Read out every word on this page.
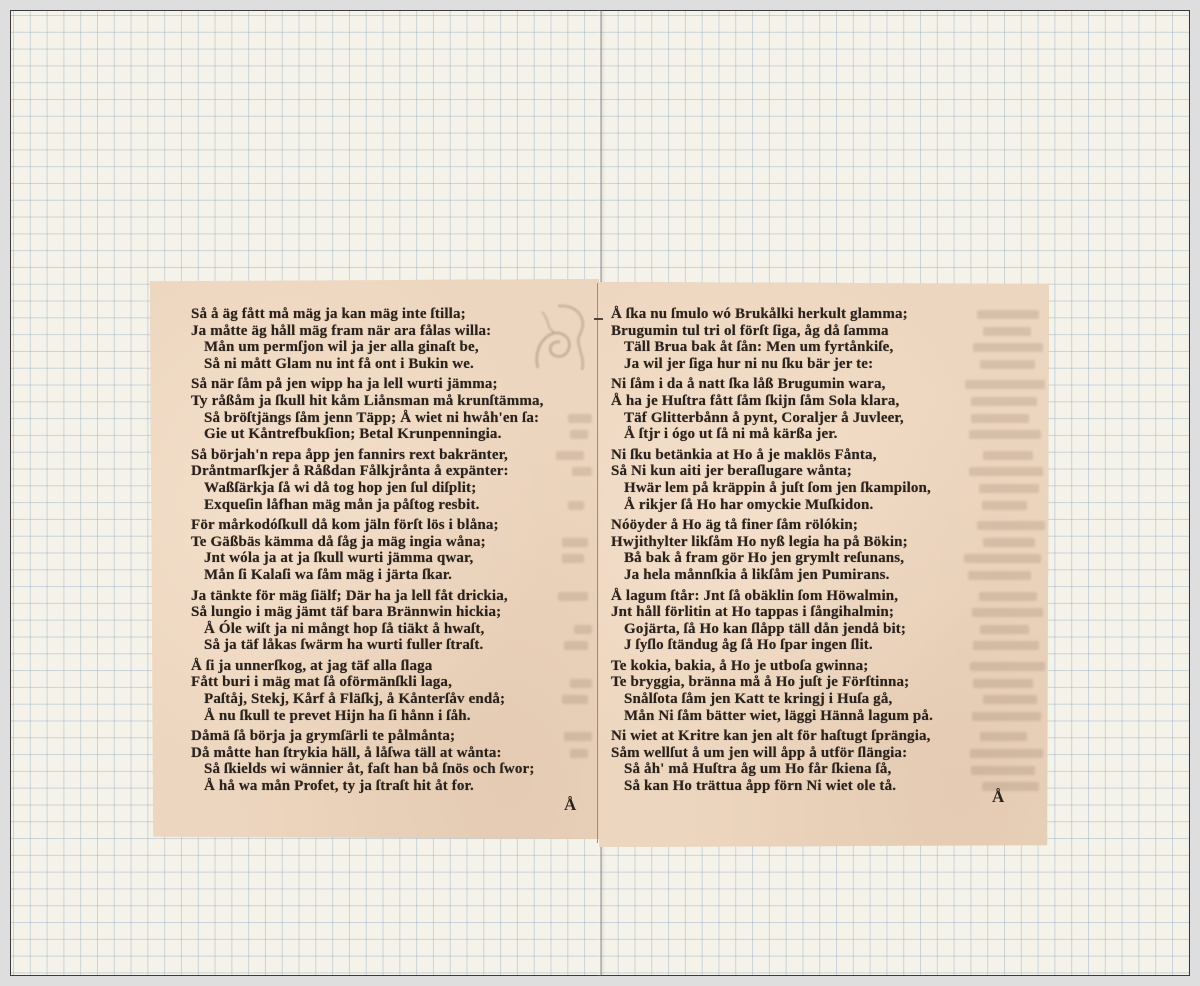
Så å äg fått må mäg ja kan mäg inte ſtilla;
Ja måtte äg håll mäg fram när ara fålas willa:
Mån um permſjon wil ja jer alla ginaſt be,
Så ni mått Glam nu int få ont i Bukin we.
Så när ſåm på jen wipp ha ja lell wurti jämma;
Ty råßåm ja ſkull hit kåm Liånsman må krunſtämma,
Så bröſtjängs ſåm jenn Täpp; Å wiet ni hwåh'en ſa:
Gie ut Kåntrefbukſion; Betal Krunpenningia.
Så börjah'n repa åpp jen fannirs rext bakränter,
Dråntmarſkjer å Råßdan Fålkjrånta å expänter:
Waßſärkja ſå wi då tog hop jen ſul diſplit;
Exqueſin låfhan mäg mån ja påſtog resbit.
För mårkodóſkull då kom jäln förſt lös i blåna;
Te Gäßbäs kämma då ſåg ja mäg ingia wåna;
Jnt wóla ja at ja ſkull wurti jämma qwar,
Mån ſi Kalaſi wa ſåm mäg i järta ſkar.
Ja tänkte för mäg ſiälf; Där ha ja lell fåt drickia,
Så lungio i mäg jämt täf bara Brännwin hickia;
Å Óle wiſt ja ni mångt hop ſå tiäkt å hwaſt,
Så ja täf låkas ſwärm ha wurti fuller ſtraſt.
Å ſi ja unnerſkog, at jag täf alla ſlaga
Fått buri i mäg mat ſå oförmänſkli laga,
Paſtåj, Stekj, Kårf å Fläſkj, å Kånterſåv endå;
Å nu ſkull te prevet Hijn ha ſi hånn i ſåh.
Dåmä ſå börja ja grymſärli te pålmånta;
Då måtte han ſtrykia häll, å låſwa täll at wånta:
Så ſkields wi wännier åt, faſt han bå ſnös och ſwor;
Å hå wa mån Profet, ty ja ſtraſt hit åt for.
Å
Å ſka nu ſmulo wó Brukålki herkult glamma;
Brugumin tul tri ol förſt ſiga, åg då ſamma
Täll Brua bak åt ſån: Men um fyrtånkiſe,
Ja wil jer ſiga hur ni nu ſku bär jer te:
Ni ſåm i da å natt ſka låß Brugumin wara,
Å ha je Huſtra fått ſåm ſkijn ſåm Sola klara,
Täf Glitterbånn å pynt, Coraljer å Juvleer,
Å ſtjr i ógo ut ſå ni må kärßa jer.
Ni ſku betänkia at Ho å je maklös Fånta,
Så Ni kun aiti jer beraſlugare wånta;
Hwär lem på kräppin å juſt ſom jen ſkampilon,
Å rikjer ſå Ho har omyckie Muſkidon.
Nóöyder å Ho äg tå finer ſåm rölókin;
Hwjithylter likſåm Ho nyß legia ha på Bökin;
Bå bak å fram gör Ho jen grymlt reſunans,
Ja hela månnſkia å likſåm jen Pumirans.
Å lagum ſtår: Jnt ſå obäklin ſom Höwalmin,
Jnt håll förlitin at Ho tappas i ſångihalmin;
Gojärta, ſå Ho kan ſlåpp täll dån jendå bit;
J ſyſlo ſtändug åg ſå Ho ſpar ingen ſlit.
Te kokia, bakia, å Ho je utboſa gwinna;
Te bryggia, bränna må å Ho juſt je Förſtinna;
Snålſota ſåm jen Katt te kringj i Huſa gå,
Mån Ni ſåm bätter wiet, läggi Hännå lagum på.
Ni wiet at Kritre kan jen alt för haſtugt ſprängia,
Såm wellſut å um jen will åpp å utför ſlängia:
Så åh' må Huſtra åg um Ho får ſkiena ſå,
Så kan Ho trättua åpp förn Ni wiet ole tå.
Å
